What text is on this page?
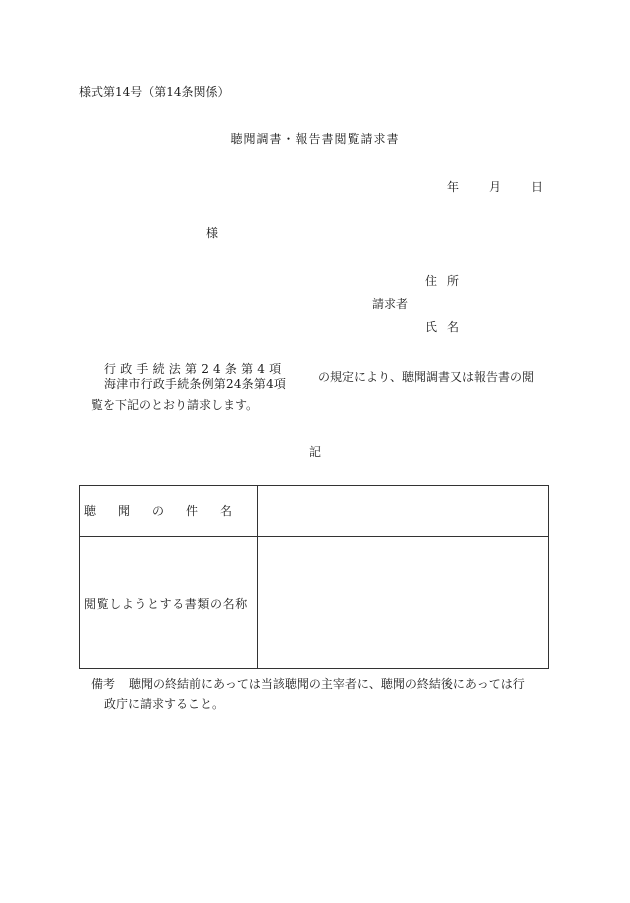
様式第14号（第14条関係）
聴聞調書・報告書閲覧請求書
年 月 日
様
住所
請求者
氏名
行政手続法第24条第4項
海津市行政手続条例第24条第4項	の規定により、聴聞調書又は報告書の閲
覧を下記のとおり請求します。
記
聴聞の件名
閲覧しようとする書類の名称
備考 聴聞の終結前にあっては当該聴聞の主宰者に、聴聞の終結後にあっては行
政庁に請求すること。
